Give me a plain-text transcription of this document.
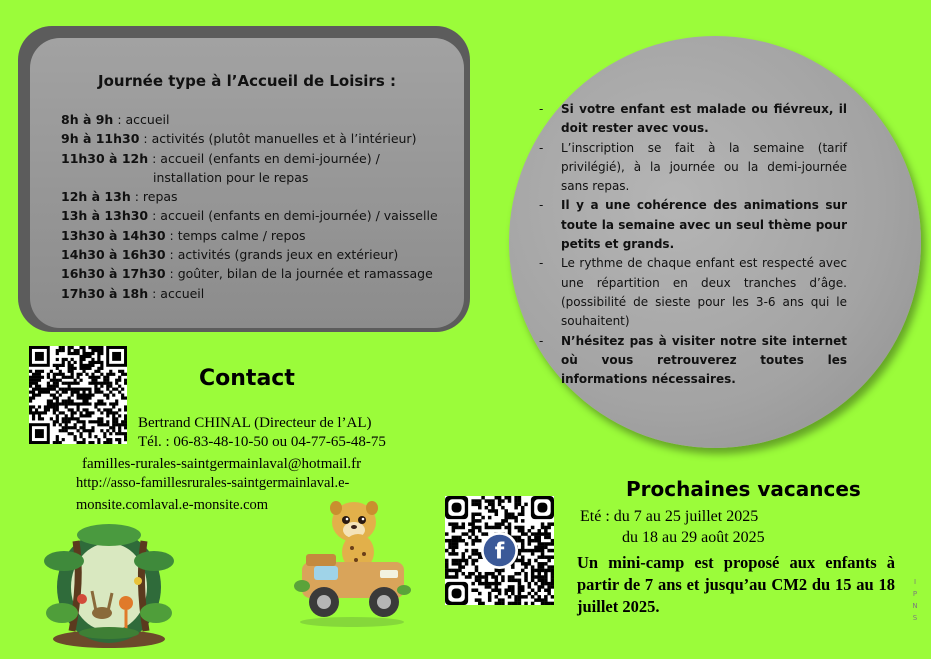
Journée type à l’Accueil de Loisirs :
8h à 9h : accueil
9h à 11h30 : activités (plutôt manuelles et à l’intérieur)
11h30 à 12h : accueil (enfants en demi-journée) /
installation pour le repas
12h à 13h : repas
13h à 13h30 : accueil (enfants en demi-journée) / vaisselle
13h30 à 14h30 : temps calme / repos
14h30 à 16h30 : activités (grands jeux en extérieur)
16h30 à 17h30 : goûter, bilan de la journée et ramassage
17h30 à 18h : accueil
- Si votre enfant est malade ou fiévreux, il doit rester avec vous.
- L’inscription se fait à la semaine (tarif privilégié), à la journée ou la demi-journée sans repas.
- Il y a une cohérence des animations sur toute la semaine avec un seul thème pour petits et grands.
- Le rythme de chaque enfant est respecté avec une répartition en deux tranches d’âge. (possibilité de sieste pour les 3-6 ans qui le souhaitent)
- N’hésitez pas à visiter notre site internet où vous retrouverez toutes les informations nécessaires.
Contact
Bertrand CHINAL (Directeur de l’AL)
Tél. : 06-83-48-10-50 ou 04-77-65-48-75
familles-rurales-saintgermainlaval@hotmail.fr
http://asso-famillesrurales-saintgermainlaval.e-
monsite.comlaval.e-monsite.com
f
Prochaines vacances
Eté : du 7 au 25 juillet 2025
du 18 au 29 août 2025
Un mini-camp est proposé aux enfants à partir de 7 ans et jusqu’au CM2 du 15 au 18 juillet 2025.
I
P
N
S
